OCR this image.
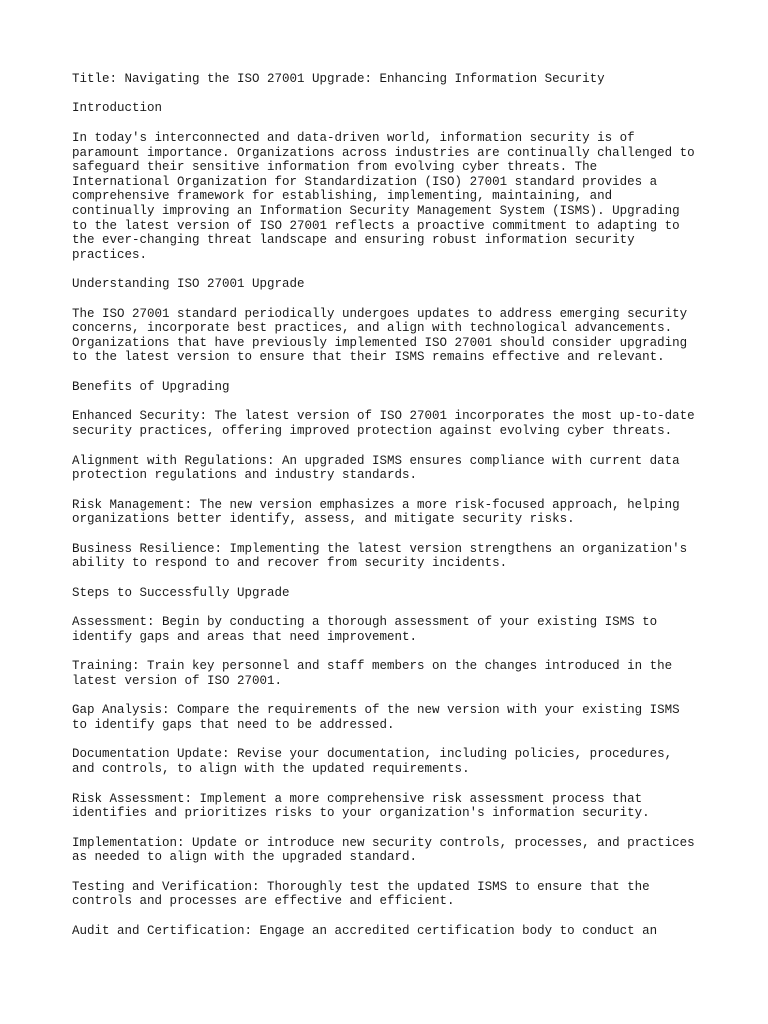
Title: Navigating the ISO 27001 Upgrade: Enhancing Information Security

Introduction

In today's interconnected and data-driven world, information security is of
paramount importance. Organizations across industries are continually challenged to
safeguard their sensitive information from evolving cyber threats. The
International Organization for Standardization (ISO) 27001 standard provides a
comprehensive framework for establishing, implementing, maintaining, and
continually improving an Information Security Management System (ISMS). Upgrading
to the latest version of ISO 27001 reflects a proactive commitment to adapting to
the ever-changing threat landscape and ensuring robust information security
practices.

Understanding ISO 27001 Upgrade

The ISO 27001 standard periodically undergoes updates to address emerging security
concerns, incorporate best practices, and align with technological advancements.
Organizations that have previously implemented ISO 27001 should consider upgrading
to the latest version to ensure that their ISMS remains effective and relevant.

Benefits of Upgrading

Enhanced Security: The latest version of ISO 27001 incorporates the most up-to-date
security practices, offering improved protection against evolving cyber threats.

Alignment with Regulations: An upgraded ISMS ensures compliance with current data
protection regulations and industry standards.

Risk Management: The new version emphasizes a more risk-focused approach, helping
organizations better identify, assess, and mitigate security risks.

Business Resilience: Implementing the latest version strengthens an organization's
ability to respond to and recover from security incidents.

Steps to Successfully Upgrade

Assessment: Begin by conducting a thorough assessment of your existing ISMS to
identify gaps and areas that need improvement.

Training: Train key personnel and staff members on the changes introduced in the
latest version of ISO 27001.

Gap Analysis: Compare the requirements of the new version with your existing ISMS
to identify gaps that need to be addressed.

Documentation Update: Revise your documentation, including policies, procedures,
and controls, to align with the updated requirements.

Risk Assessment: Implement a more comprehensive risk assessment process that
identifies and prioritizes risks to your organization's information security.

Implementation: Update or introduce new security controls, processes, and practices
as needed to align with the upgraded standard.

Testing and Verification: Thoroughly test the updated ISMS to ensure that the
controls and processes are effective and efficient.

Audit and Certification: Engage an accredited certification body to conduct an
